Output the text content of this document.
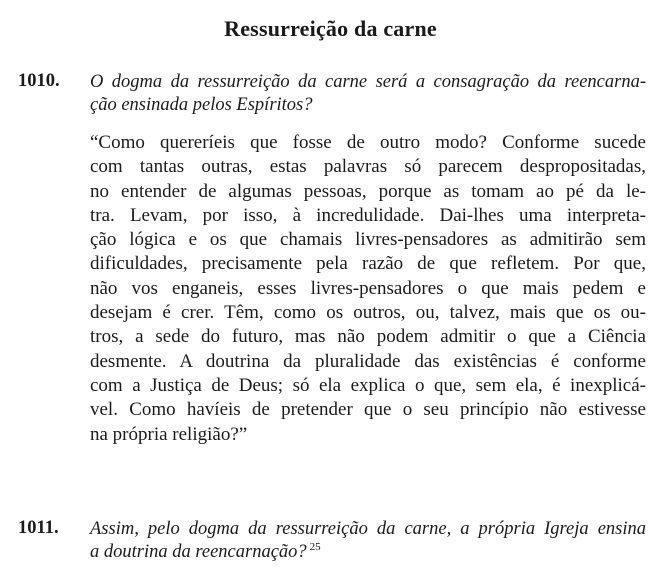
Ressurreição da carne
1010. O dogma da ressurreição da carne será a consagração da reencarna-
ção ensinada pelos Espíritos?
“Como quereríeis que fosse de outro modo? Conforme sucede
com tantas outras, estas palavras só parecem despropositadas,
no entender de algumas pessoas, porque as tomam ao pé da le-
tra. Levam, por isso, à incredulidade. Dai-lhes uma interpreta-
ção lógica e os que chamais livres-pensadores as admitirão sem
dificuldades, precisamente pela razão de que refletem. Por que,
não vos enganeis, esses livres-pensadores o que mais pedem e
desejam é crer. Têm, como os outros, ou, talvez, mais que os ou-
tros, a sede do futuro, mas não podem admitir o que a Ciência
desmente. A doutrina da pluralidade das existências é conforme
com a Justiça de Deus; só ela explica o que, sem ela, é inexplicá-
vel. Como havíeis de pretender que o seu princípio não estivesse
na própria religião?”
1011. Assim, pelo dogma da ressurreição da carne, a própria Igreja ensina
a doutrina da reencarnação? $^{25}$
